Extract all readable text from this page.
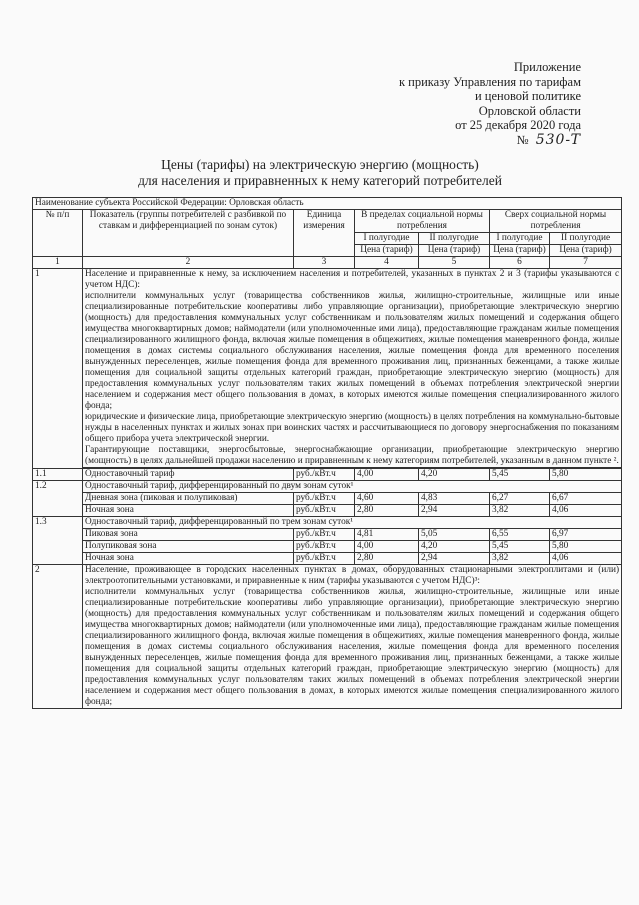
Приложение
к приказу Управления по тарифам
и ценовой политике
Орловской области
от 25 декабря 2020 года
№ 530-T
Цены (тарифы) на электрическую энергию (мощность)
для населения и приравненных к нему категорий потребителей
Наименование субъекта Российской Федерации: Орловская область						
№ п/п	Показатель (группы потребителей с разбивкой по ставкам и дифференциацией по зонам суток)	Единица измерения	В пределах социальной нормы потребления		Сверх социальной нормы потребления	
			I полугодие	II полугодие	I полугодие	II полугодие
			Цена (тариф)	Цена (тариф)	Цена (тариф)	Цена (тариф)
1	2	3	4	5	6	7
1	Население и приравненные к нему, за исключением населения и потребителей, указанных в пунктах 2 и 3 (тарифы указываются с учетом НДС):
исполнители коммунальных услуг (товарищества собственников жилья, жилищно-строительные, жилищные или иные специализированные потребительские кооперативы либо управляющие организации), приобретающие электрическую энергию (мощность) для предоставления коммунальных услуг собственникам и пользователям жилых помещений и содержания общего имущества многоквартирных домов; наймодатели (или уполномоченные ими лица), предоставляющие гражданам жилые помещения специализированного жилищного фонда, включая жилые помещения в общежитиях, жилые помещения маневренного фонда, жилые помещения в домах системы социального обслуживания населения, жилые помещения фонда для временного поселения вынужденных переселенцев, жилые помещения фонда для временного проживания лиц, признанных беженцами, а также жилые помещения для социальной защиты отдельных категорий граждан, приобретающие электрическую энергию (мощность) для предоставления коммунальных услуг пользователям таких жилых помещений в объемах потребления электрической энергии населением и содержания мест общего пользования в домах, в которых имеются жилые помещения специализированного жилого фонда;
юридические и физические лица, приобретающие электрическую энергию (мощность) в целях потребления на коммунально-бытовые нужды в населенных пунктах и жилых зонах при воинских частях и рассчитывающиеся по договору энергоснабжения по показаниям общего прибора учета электрической энергии.
Гарантирующие поставщики, энергосбытовые, энергоснабжающие организации, приобретающие электрическую энергию (мощность) в целях дальнейшей продажи населению и приравненным к нему категориям потребителей, указанным в данном пункте ².					

1.1	Одноставочный тариф	руб./кВт.ч	4,00	4,20	5,45	5,80
1.2	Одноставочный тариф, дифференцированный по двум зонам суток¹					
	Дневная зона (пиковая и полупиковая)	руб./кВт.ч	4,60	4,83	6,27	6,67
	Ночная зона	руб./кВт.ч	2,80	2,94	3,82	4,06
1.3	Одноставочный тариф, дифференцированный по трем зонам суток¹					
	Пиковая зона	руб./кВт.ч	4,81	5,05	6,55	6,97
	Полупиковая зона	руб./кВт.ч	4,00	4,20	5,45	5,80
	Ночная зона	руб./кВт.ч	2,80	2,94	3,82	4,06
2	Население, проживающее в городских населенных пунктах в домах, оборудованных стационарными электроплитами и (или) электроотопительными установками, и приравненные к ним (тарифы указываются с учетом НДС)³:
исполнители коммунальных услуг (товарищества собственников жилья, жилищно-строительные, жилищные или иные специализированные потребительские кооперативы либо управляющие организации), приобретающие электрическую энергию (мощность) для предоставления коммунальных услуг собственникам и пользователям жилых помещений и содержания общего имущества многоквартирных домов; наймодатели (или уполномоченные ими лица), предоставляющие гражданам жилые помещения специализированного жилищного фонда, включая жилые помещения в общежитиях, жилые помещения маневренного фонда, жилые помещения в домах системы социального обслуживания населения, жилые помещения фонда для временного поселения вынужденных переселенцев, жилые помещения фонда для временного проживания лиц, признанных беженцами, а также жилые помещения для социальной защиты отдельных категорий граждан, приобретающие электрическую энергию (мощность) для предоставления коммунальных услуг пользователям таких жилых помещений в объемах потребления электрической энергии населением и содержания мест общего пользования в домах, в которых имеются жилые помещения специализированного жилого фонда;					
